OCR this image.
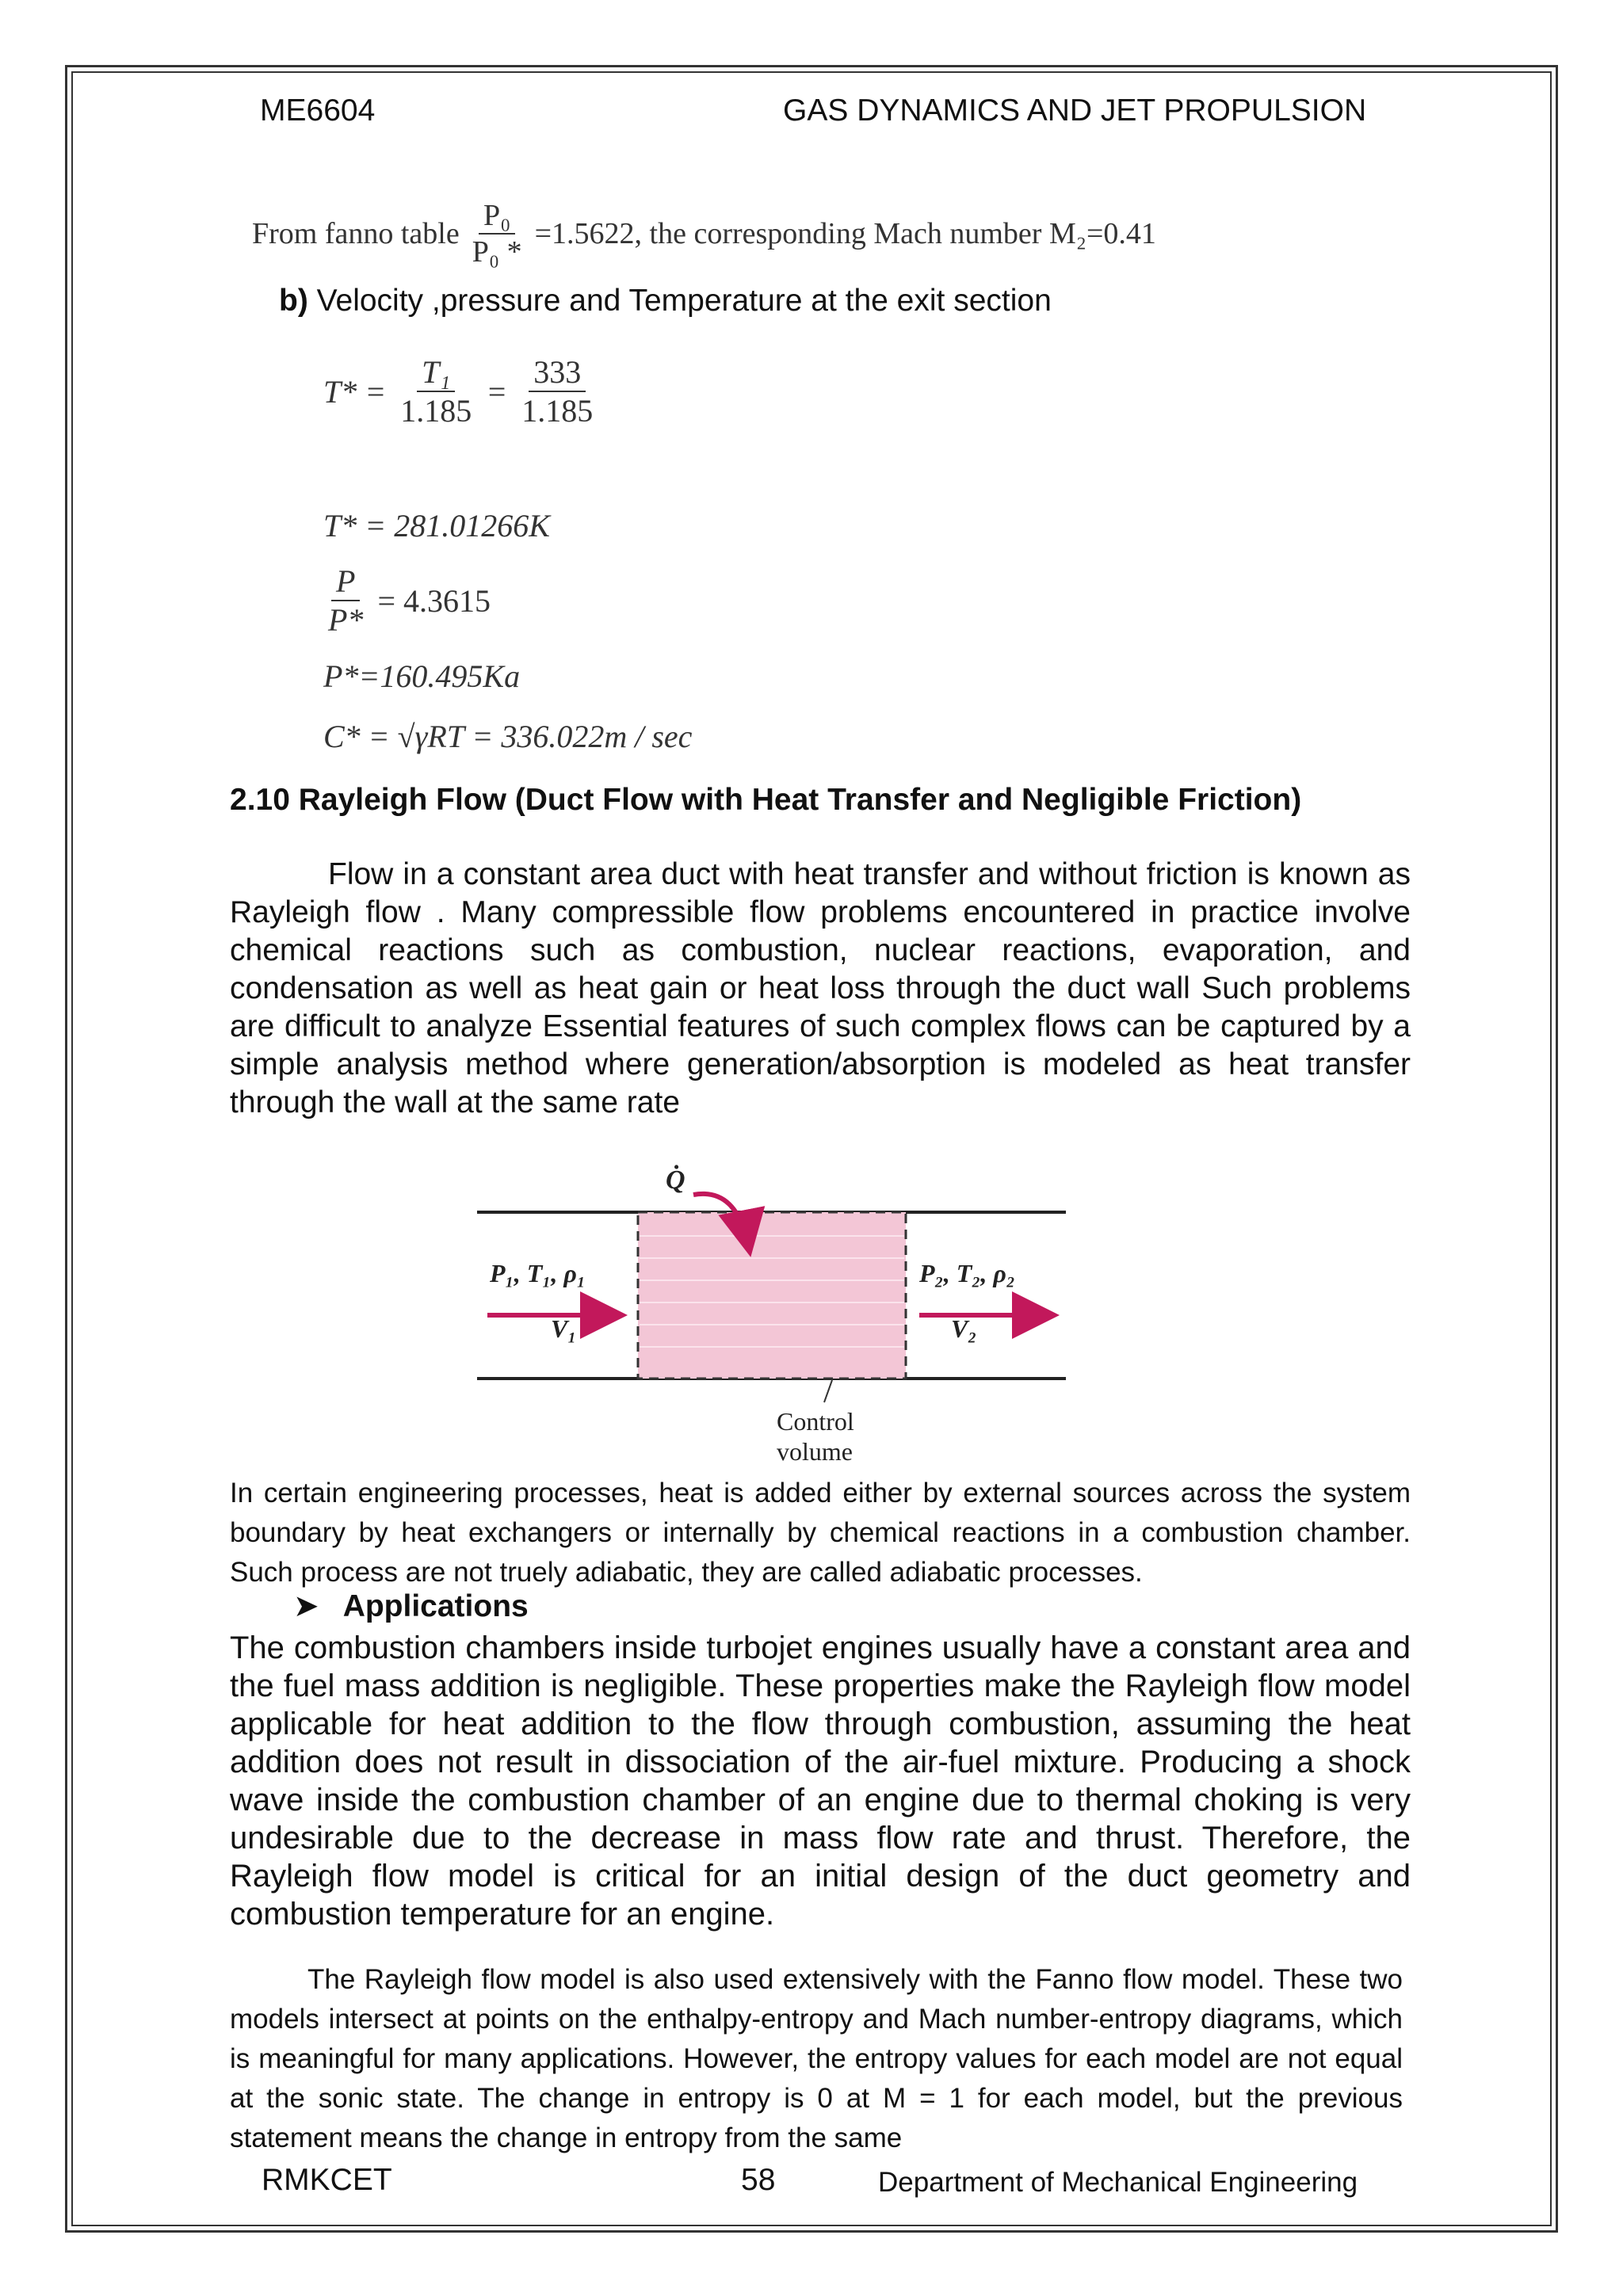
ME6604	GAS DYNAMICS AND JET PROPULSION
From fanno table $\frac{\text{P₀}}{\text{P₀ *}} =1.5622$, the corresponding Mach number M₂=0.41
b) Velocity ,pressure and Temperature at the exit section
$T* = \frac{\text{T₁}}{1.185} = \frac{333}{1.185}$
T* = 281.01266K
$\frac{P}{P*} = 4.3615$
P*=160.495Ka
C* = √γRT = 336.022m / sec
2.10 Rayleigh Flow (Duct Flow with Heat Transfer and Negligible Friction)
Flow in a constant area duct with heat transfer and without friction is known as Rayleigh flow . Many compressible flow problems encountered in practice involve chemical reactions such as combustion, nuclear reactions, evaporation, and condensation as well as heat gain or heat loss through the duct wall Such problems are difficult to analyze Essential features of such complex flows can be captured by a simple analysis method where generation/absorption is modeled as heat transfer through the wall at the same rate
Q̇
P₁, T₁, ρ₁
V₁
P₂, T₂, ρ₂
V₂
Control
volume
In certain engineering processes, heat is added either by external sources across the system boundary by heat exchangers or internally by chemical reactions in a combustion chamber. Such process are not truely adiabatic, they are called adiabatic processes.
➤ Applications
The combustion chambers inside turbojet engines usually have a constant area and the fuel mass addition is negligible. These properties make the Rayleigh flow model applicable for heat addition to the flow through combustion, assuming the heat addition does not result in dissociation of the air-fuel mixture. Producing a shock wave inside the combustion chamber of an engine due to thermal choking is very undesirable due to the decrease in mass flow rate and thrust. Therefore, the Rayleigh flow model is critical for an initial design of the duct geometry and combustion temperature for an engine.
The Rayleigh flow model is also used extensively with the Fanno flow model. These two models intersect at points on the enthalpy-entropy and Mach number-entropy diagrams, which is meaningful for many applications. However, the entropy values for each model are not equal at the sonic state. The change in entropy is 0 at M = 1 for each model, but the previous statement means the change in entropy from the same
RMKCET	58	Department of Mechanical Engineering
